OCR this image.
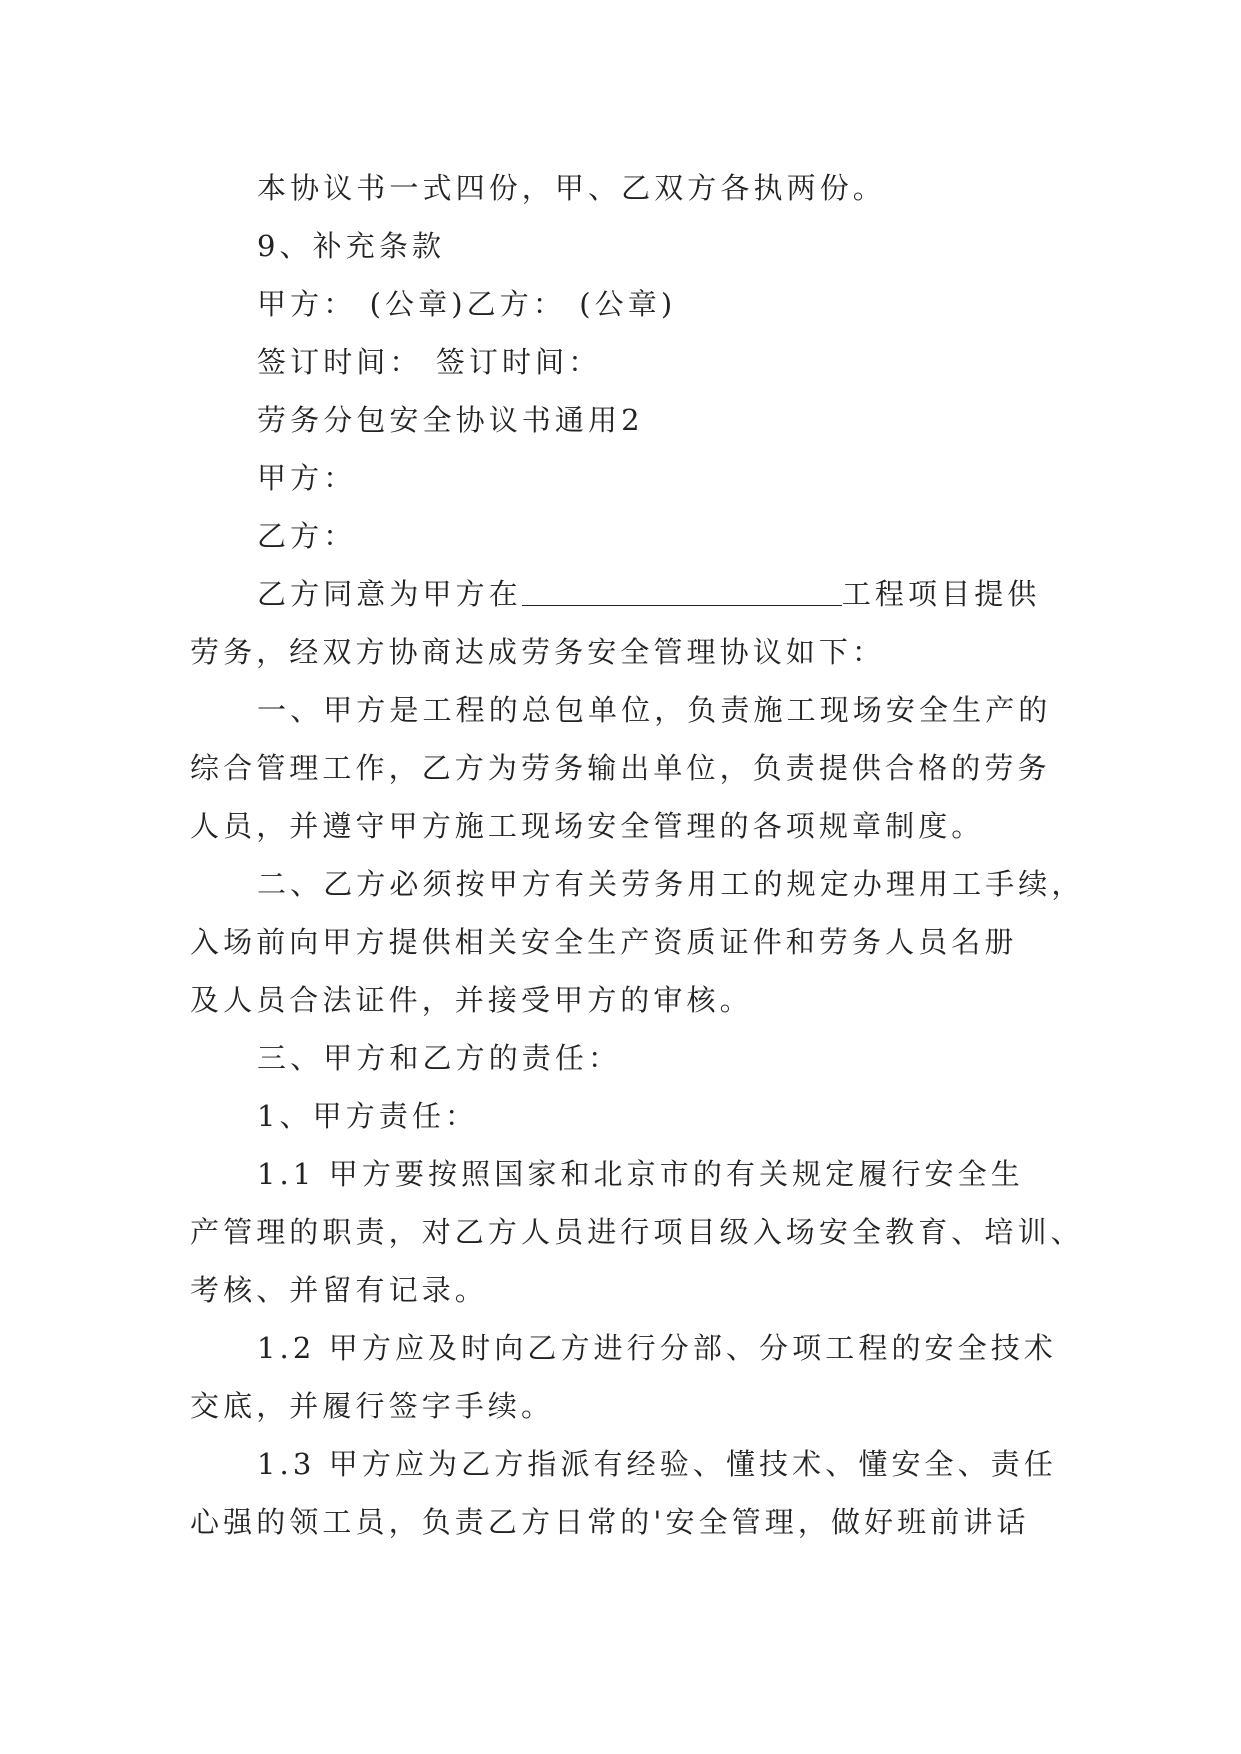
本协议书一式四份，甲、乙双方各执两份。
9、补充条款
甲方： (公章)乙方： (公章)
签订时间： 签订时间：
劳务分包安全协议书通用2
甲方：
乙方：
乙方同意为甲方在	工程项目提供
劳务，经双方协商达成劳务安全管理协议如下：
一、甲方是工程的总包单位，负责施工现场安全生产的
综合管理工作，乙方为劳务输出单位，负责提供合格的劳务
人员，并遵守甲方施工现场安全管理的各项规章制度。
二、乙方必须按甲方有关劳务用工的规定办理用工手续，
入场前向甲方提供相关安全生产资质证件和劳务人员名册
及人员合法证件，并接受甲方的审核。
三、甲方和乙方的责任：
1、甲方责任：
1.1 甲方要按照国家和北京市的有关规定履行安全生
产管理的职责，对乙方人员进行项目级入场安全教育、培训、
考核、并留有记录。
1.2 甲方应及时向乙方进行分部、分项工程的安全技术
交底，并履行签字手续。
1.3 甲方应为乙方指派有经验、懂技术、懂安全、责任
心强的领工员，负责乙方日常的'安全管理，做好班前讲话
